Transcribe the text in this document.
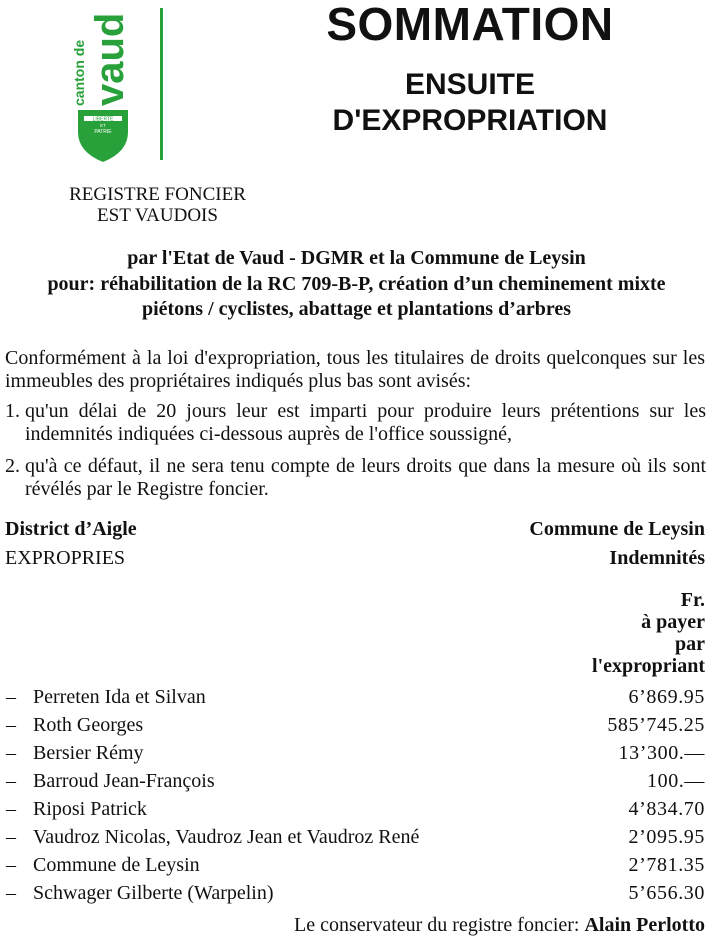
canton de vaud
LIBERTÉ
ET
PATRIE
SOMMATION
ENSUITE
D'EXPROPRIATION
REGISTRE FONCIER
EST VAUDOIS
par l'Etat de Vaud - DGMR et la Commune de Leysin
pour: réhabilitation de la RC 709-B-P, création d’un cheminement mixte
piétons / cyclistes, abattage et plantations d’arbres
Conformément à la loi d'expropriation, tous les titulaires de droits quelconques sur les immeubles des propriétaires indiqués plus bas sont avisés:
1. qu'un délai de 20 jours leur est imparti pour produire leurs prétentions sur les indemnités indiquées ci-dessous auprès de l'office soussigné,
2. qu'à ce défaut, il ne sera tenu compte de leurs droits que dans la mesure où ils sont révélés par le Registre foncier.
District d’Aigle	Commune de Leysin
EXPROPRIES	Indemnités
Fr.
à payer
par
l'expropriant
– Perreten Ida et Silvan	6’869.95
– Roth Georges	585’745.25
– Bersier Rémy	13’300.—
– Barroud Jean-François	100.—
– Riposi Patrick	4’834.70
– Vaudroz Nicolas, Vaudroz Jean et Vaudroz René	2’095.95
– Commune de Leysin	2’781.35
– Schwager Gilberte (Warpelin)	5’656.30
Le conservateur du registre foncier: Alain Perlotto
